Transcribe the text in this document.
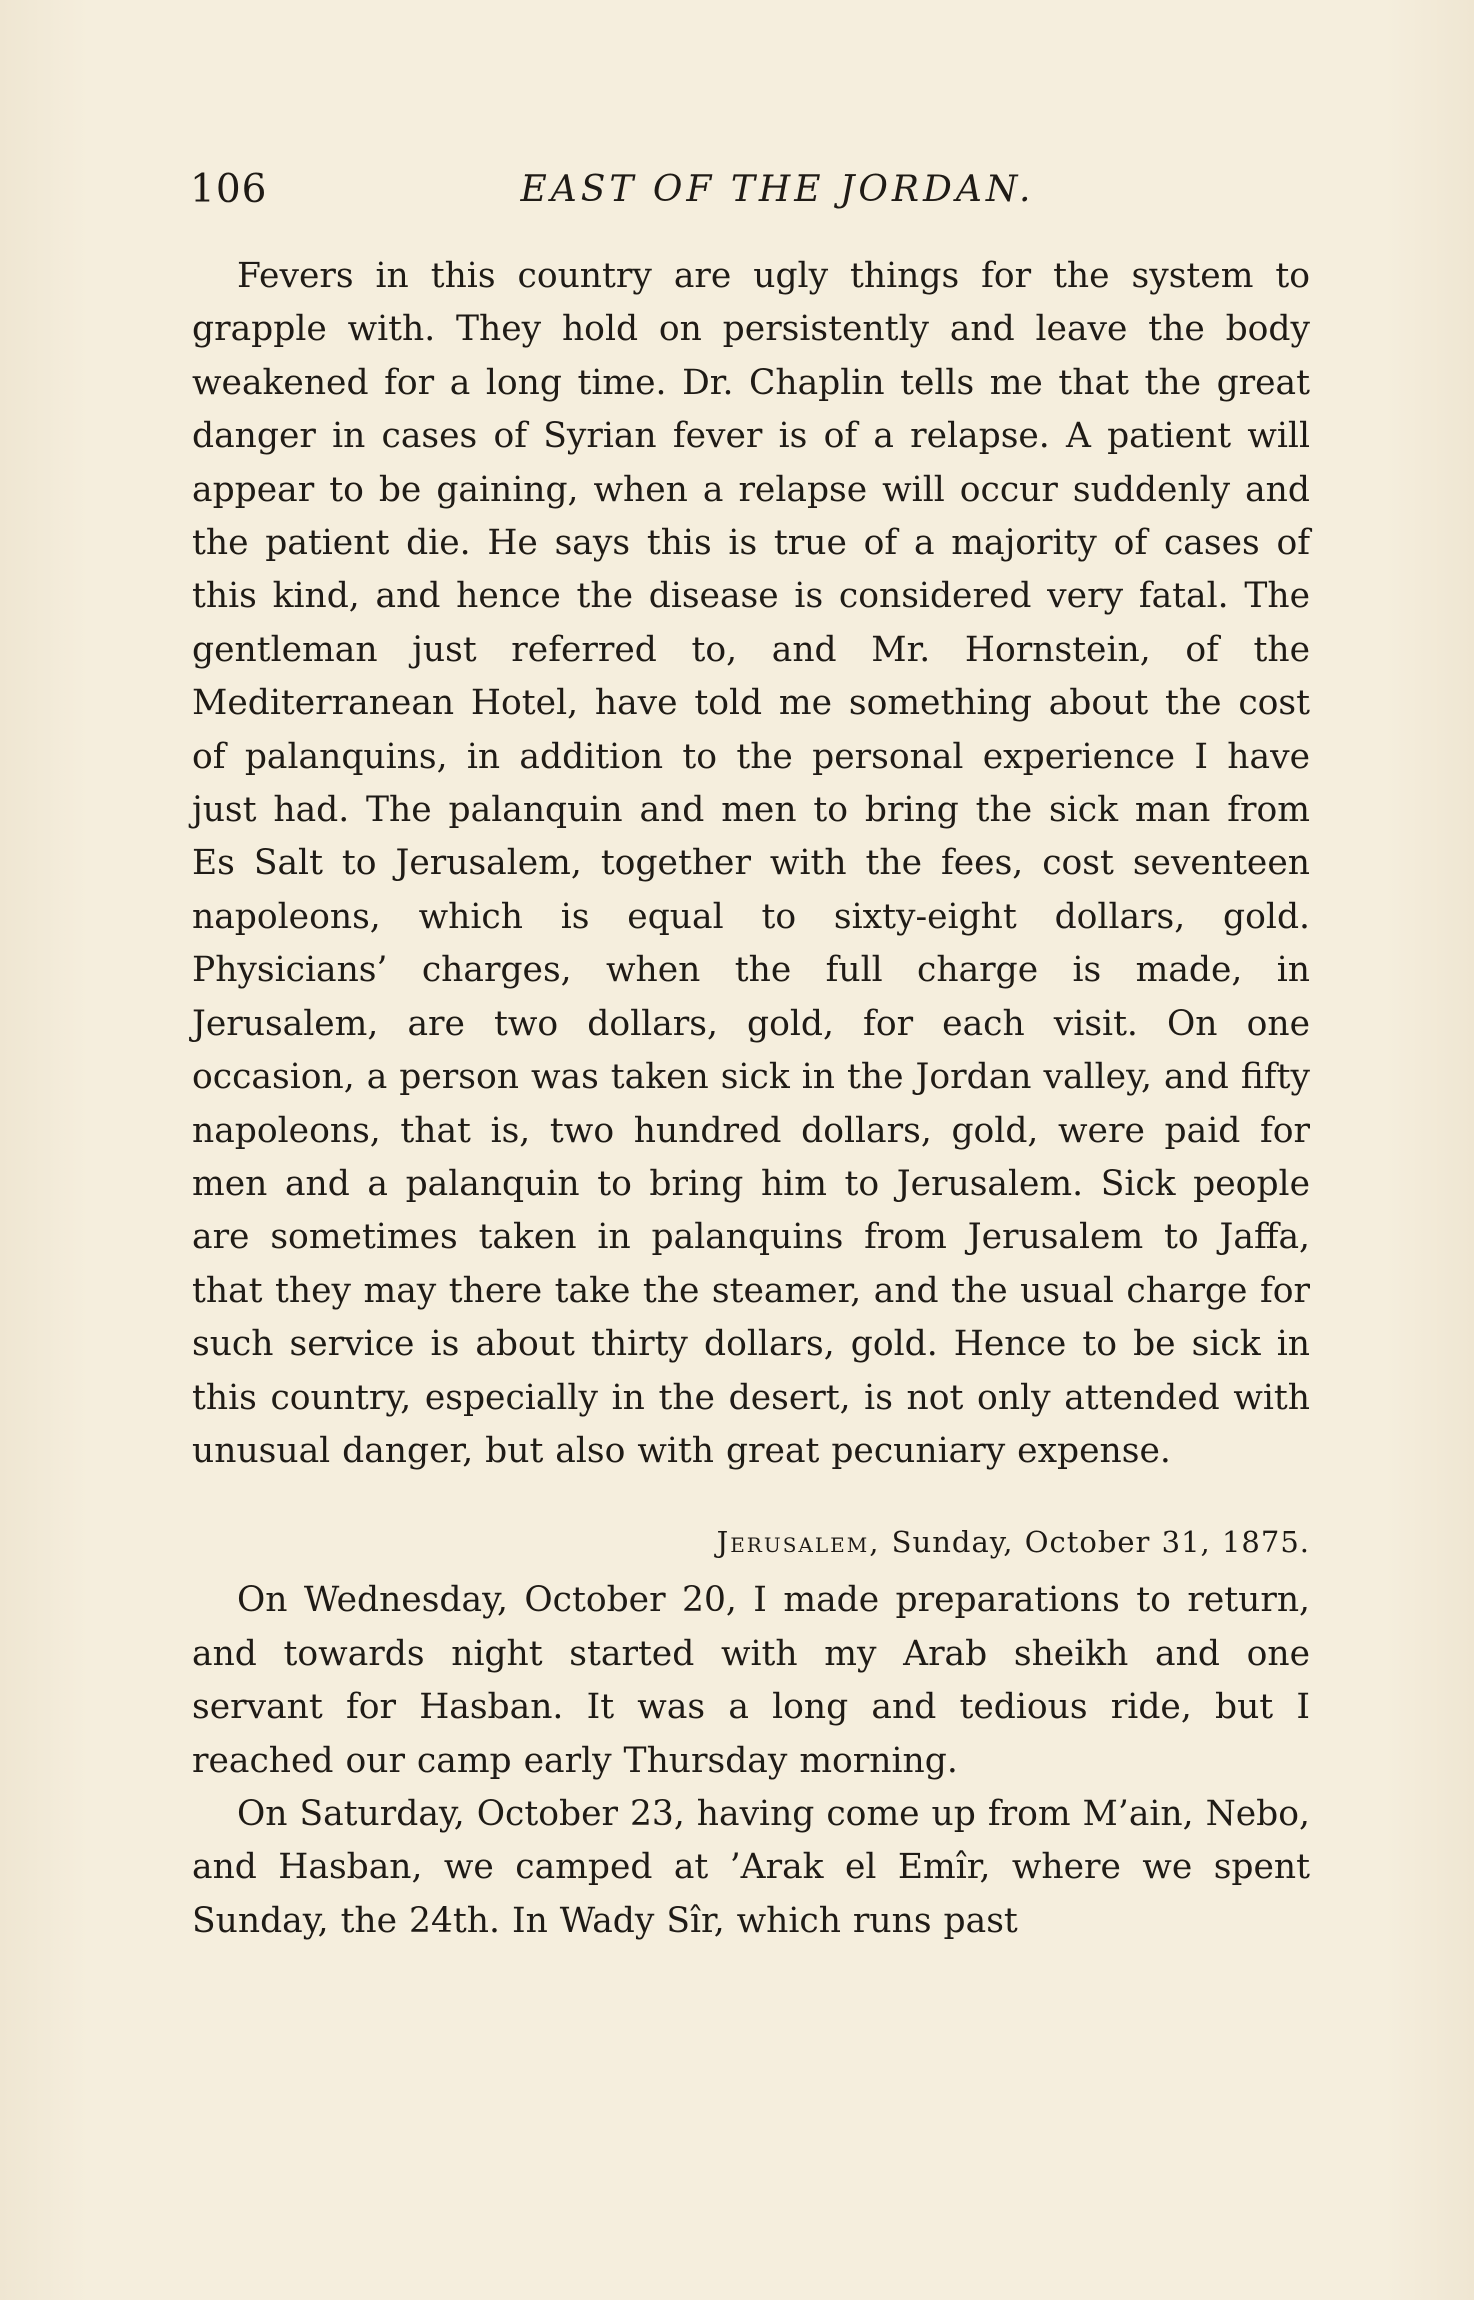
106	EAST OF THE JORDAN.

Fevers in this country are ugly things for the system to grapple with. They hold on persistently and leave the body weakened for a long time. Dr. Chaplin tells me that the great danger in cases of Syrian fever is of a relapse. A patient will appear to be gaining, when a relapse will occur suddenly and the patient die. He says this is true of a majority of cases of this kind, and hence the disease is considered very fatal. The gentleman just referred to, and Mr. Hornstein, of the Mediterranean Hotel, have told me something about the cost of palanquins, in addition to the personal experience I have just had. The palanquin and men to bring the sick man from Es Salt to Jerusalem, together with the fees, cost seventeen napoleons, which is equal to sixty-eight dollars, gold. Physicians’ charges, when the full charge is made, in Jerusalem, are two dollars, gold, for each visit. On one occasion, a person was taken sick in the Jordan valley, and fifty napoleons, that is, two hundred dollars, gold, were paid for men and a palanquin to bring him to Jerusalem. Sick people are sometimes taken in palanquins from Jerusalem to Jaffa, that they may there take the steamer, and the usual charge for such service is about thirty dollars, gold. Hence to be sick in this country, especially in the desert, is not only attended with unusual danger, but also with great pecuniary expense.

Jerusalem, Sunday, October 31, 1875.

On Wednesday, October 20, I made preparations to return, and towards night started with my Arab sheikh and one servant for Hasban. It was a long and tedious ride, but I reached our camp early Thursday morning.

On Saturday, October 23, having come up from M’ain, Nebo, and Hasban, we camped at ’Arak el Emîr, where we spent Sunday, the 24th. In Wady Sîr, which runs past
